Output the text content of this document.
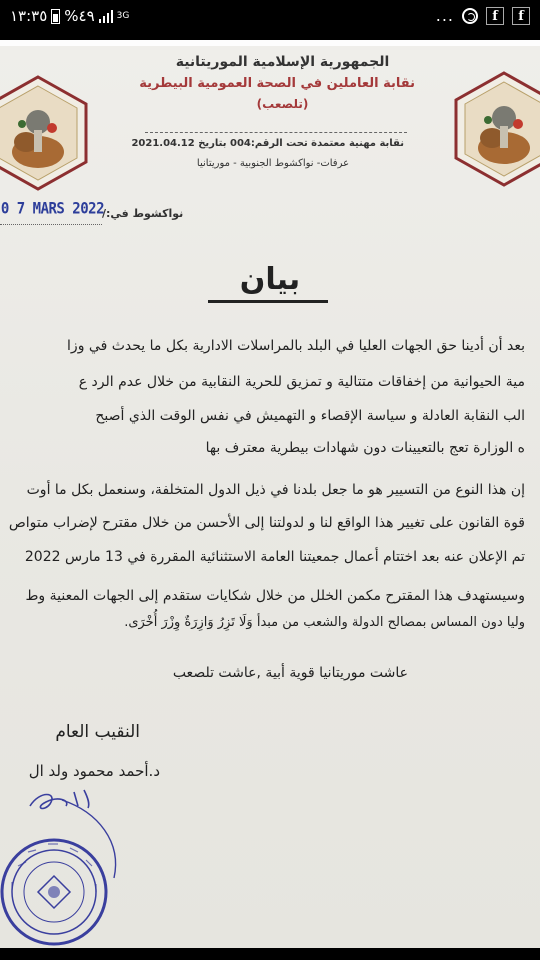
١٣:٣٥ %٤٩ 3G	...	f	f
الجمهورية الإسلامية الموريتانية
نقابة العاملين في الصحة العمومية البيطرية
(تلصعب)
نقابة مهنية معتمدة تحت الرقم:004 بتاريخ 2021.04.12
عرفات- نواكشوط الجنوبية - موريتانيا
نواكشوط في:/
0 7 MARS 2022
بيان
بعد أن أدينا حق الجهات العليا في البلد بالمراسلات الادارية بكل ما يحدث في وزا
مية الحيوانية من إخفاقات متتالية و تمزيق للحرية النقابية من خلال عدم الرد ع
الب النقابة العادلة و سياسة الإقصاء و التهميش في نفس الوقت الذي أصبح
ه الوزارة تعج بالتعيينات دون شهادات بيطرية معترف بها
إن هذا النوع من التسيير هو ما جعل بلدنا في ذيل الدول المتخلفة، وسنعمل بكل ما أوت
قوة القانون على تغيير هذا الواقع لنا و لدولتنا إلى الأحسن من خلال مقترح لإضراب متواص
تم الإعلان عنه بعد اختتام أعمال جمعيتنا العامة الاستثنائية المقررة في 13 مارس 2022
وسيستهدف هذا المقترح مكمن الخلل من خلال شكايات ستقدم إلى الجهات المعنية وط
وليا دون المساس بمصالح الدولة والشعب من مبدأ وَلَا تَزِرُ وَازِرَةٌ وِزْرَ أُخْرَى.
عاشت موريتانيا قوية أبية ,عاشت تلصعب
النقيب العام
د.أحمد محمود ولد ال
